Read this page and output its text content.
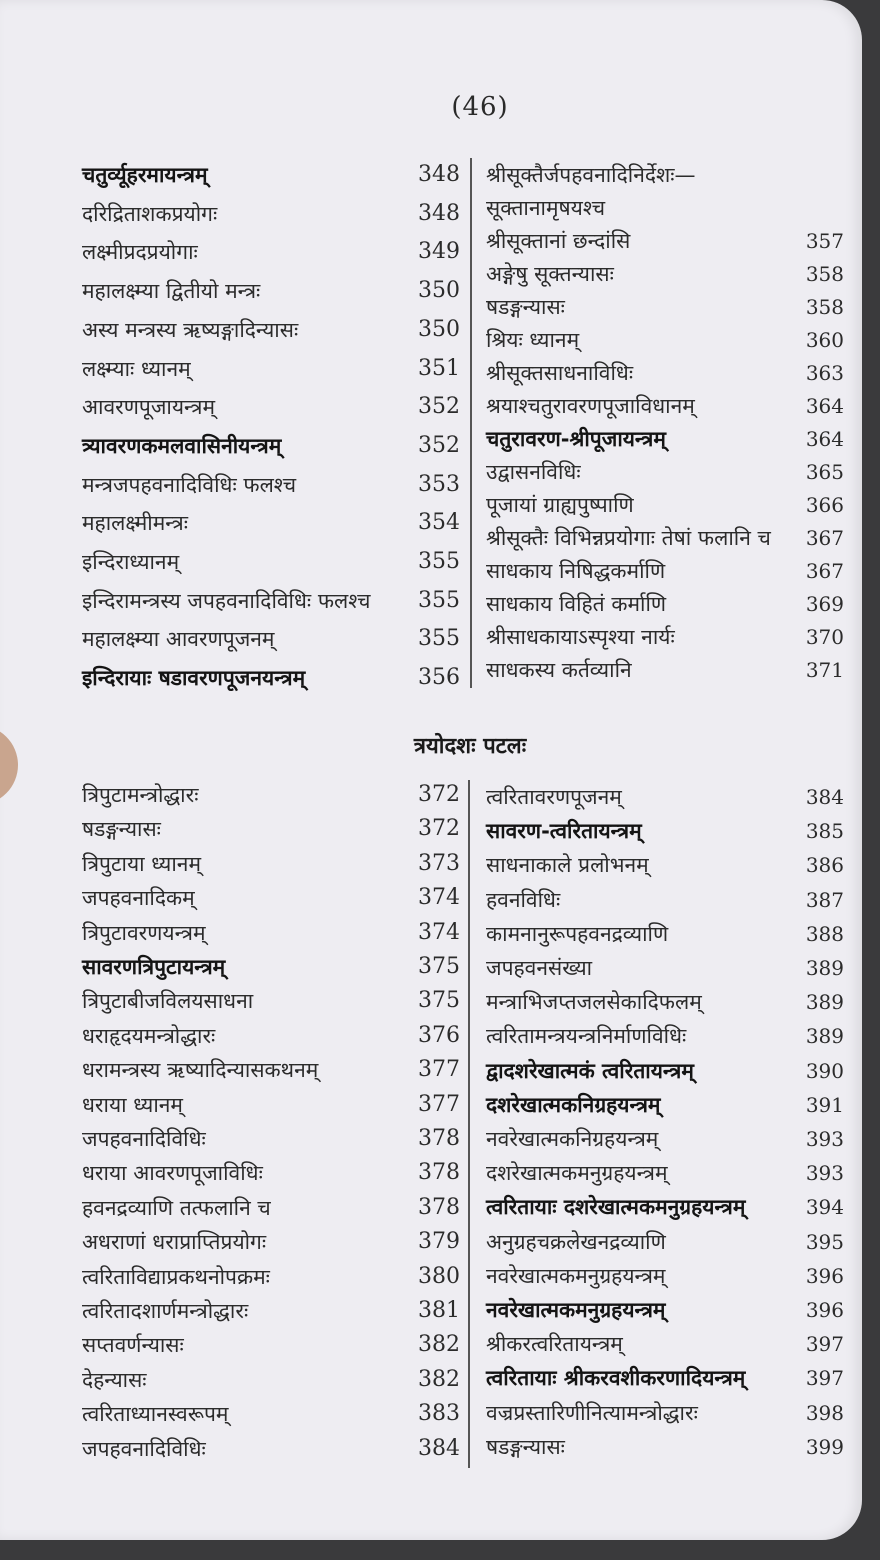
(46)
चतुर्व्यूहरमायन्त्रम्	348
दरिद्रिताशकप्रयोगः	348
लक्ष्मीप्रदप्रयोगाः	349
महालक्ष्म्या द्वितीयो मन्त्रः	350
अस्य मन्त्रस्य ऋष्यङ्गादिन्यासः	350
लक्ष्म्याः ध्यानम्	351
आवरणपूजायन्त्रम्	352
त्र्यावरणकमलवासिनीयन्त्रम्	352
मन्त्रजपहवनादिविधिः फलश्च	353
महालक्ष्मीमन्त्रः	354
इन्दिराध्यानम्	355
इन्दिरामन्त्रस्य जपहवनादिविधिः फलश्च 355
महालक्ष्म्या आवरणपूजनम्	355
इन्दिरायाः षडावरणपूजनयन्त्रम्	356
श्रीसूक्तैर्जपहवनादिनिर्देशः—
सूक्तानामृषयश्च
श्रीसूक्तानां छन्दांसि	357
अङ्गेषु सूक्तन्यासः	358
षडङ्गन्यासः	358
श्रियः ध्यानम्	360
श्रीसूक्तसाधनाविधिः	363
श्रयाश्चतुरावरणपूजाविधानम्	364
चतुरावरण-श्रीपूजायन्त्रम्	364
उद्वासनविधिः	365
पूजायां ग्राह्यपुष्पाणि	366
श्रीसूक्तैः विभिन्नप्रयोगाः तेषां फलानि च 367
साधकाय निषिद्धकर्माणि	367
साधकाय विहितं कर्माणि	369
श्रीसाधकायाऽस्पृश्या नार्यः	370
साधकस्य कर्तव्यानि	371
त्रयोदशः पटलः
त्रिपुटामन्त्रोद्धारः	372
षडङ्गन्यासः	372
त्रिपुटाया ध्यानम्	373
जपहवनादिकम्	374
त्रिपुटावरणयन्त्रम्	374
सावरणत्रिपुटायन्त्रम्	375
त्रिपुटाबीजविलयसाधना	375
धराहृदयमन्त्रोद्धारः	376
धरामन्त्रस्य ऋष्यादिन्यासकथनम्	377
धराया ध्यानम्	377
जपहवनादिविधिः	378
धराया आवरणपूजाविधिः	378
हवनद्रव्याणि तत्फलानि च	378
अधराणां धराप्राप्तिप्रयोगः	379
त्वरिताविद्याप्रकथनोपक्रमः	380
त्वरितादशार्णमन्त्रोद्धारः	381
सप्तवर्णन्यासः	382
देहन्यासः	382
त्वरिताध्यानस्वरूपम्	383
जपहवनादिविधिः	384
त्वरितावरणपूजनम्	384
सावरण-त्वरितायन्त्रम्	385
साधनाकाले प्रलोभनम्	386
हवनविधिः	387
कामनानुरूपहवनद्रव्याणि	388
जपहवनसंख्या	389
मन्त्राभिजप्तजलसेकादिफलम्	389
त्वरितामन्त्रयन्त्रनिर्माणविधिः	389
द्वादशरेखात्मकं त्वरितायन्त्रम्	390
दशरेखात्मकनिग्रहयन्त्रम्	391
नवरेखात्मकनिग्रहयन्त्रम्	393
दशरेखात्मकमनुग्रहयन्त्रम्	393
त्वरितायाः दशरेखात्मकमनुग्रहयन्त्रम्	394
अनुग्रहचक्रलेखनद्रव्याणि	395
नवरेखात्मकमनुग्रहयन्त्रम्	396
नवरेखात्मकमनुग्रहयन्त्रम्	396
श्रीकरत्वरितायन्त्रम्	397
त्वरितायाः श्रीकरवशीकरणादियन्त्रम्	397
वज्रप्रस्तारिणीनित्यामन्त्रोद्धारः	398
षडङ्गन्यासः	399
